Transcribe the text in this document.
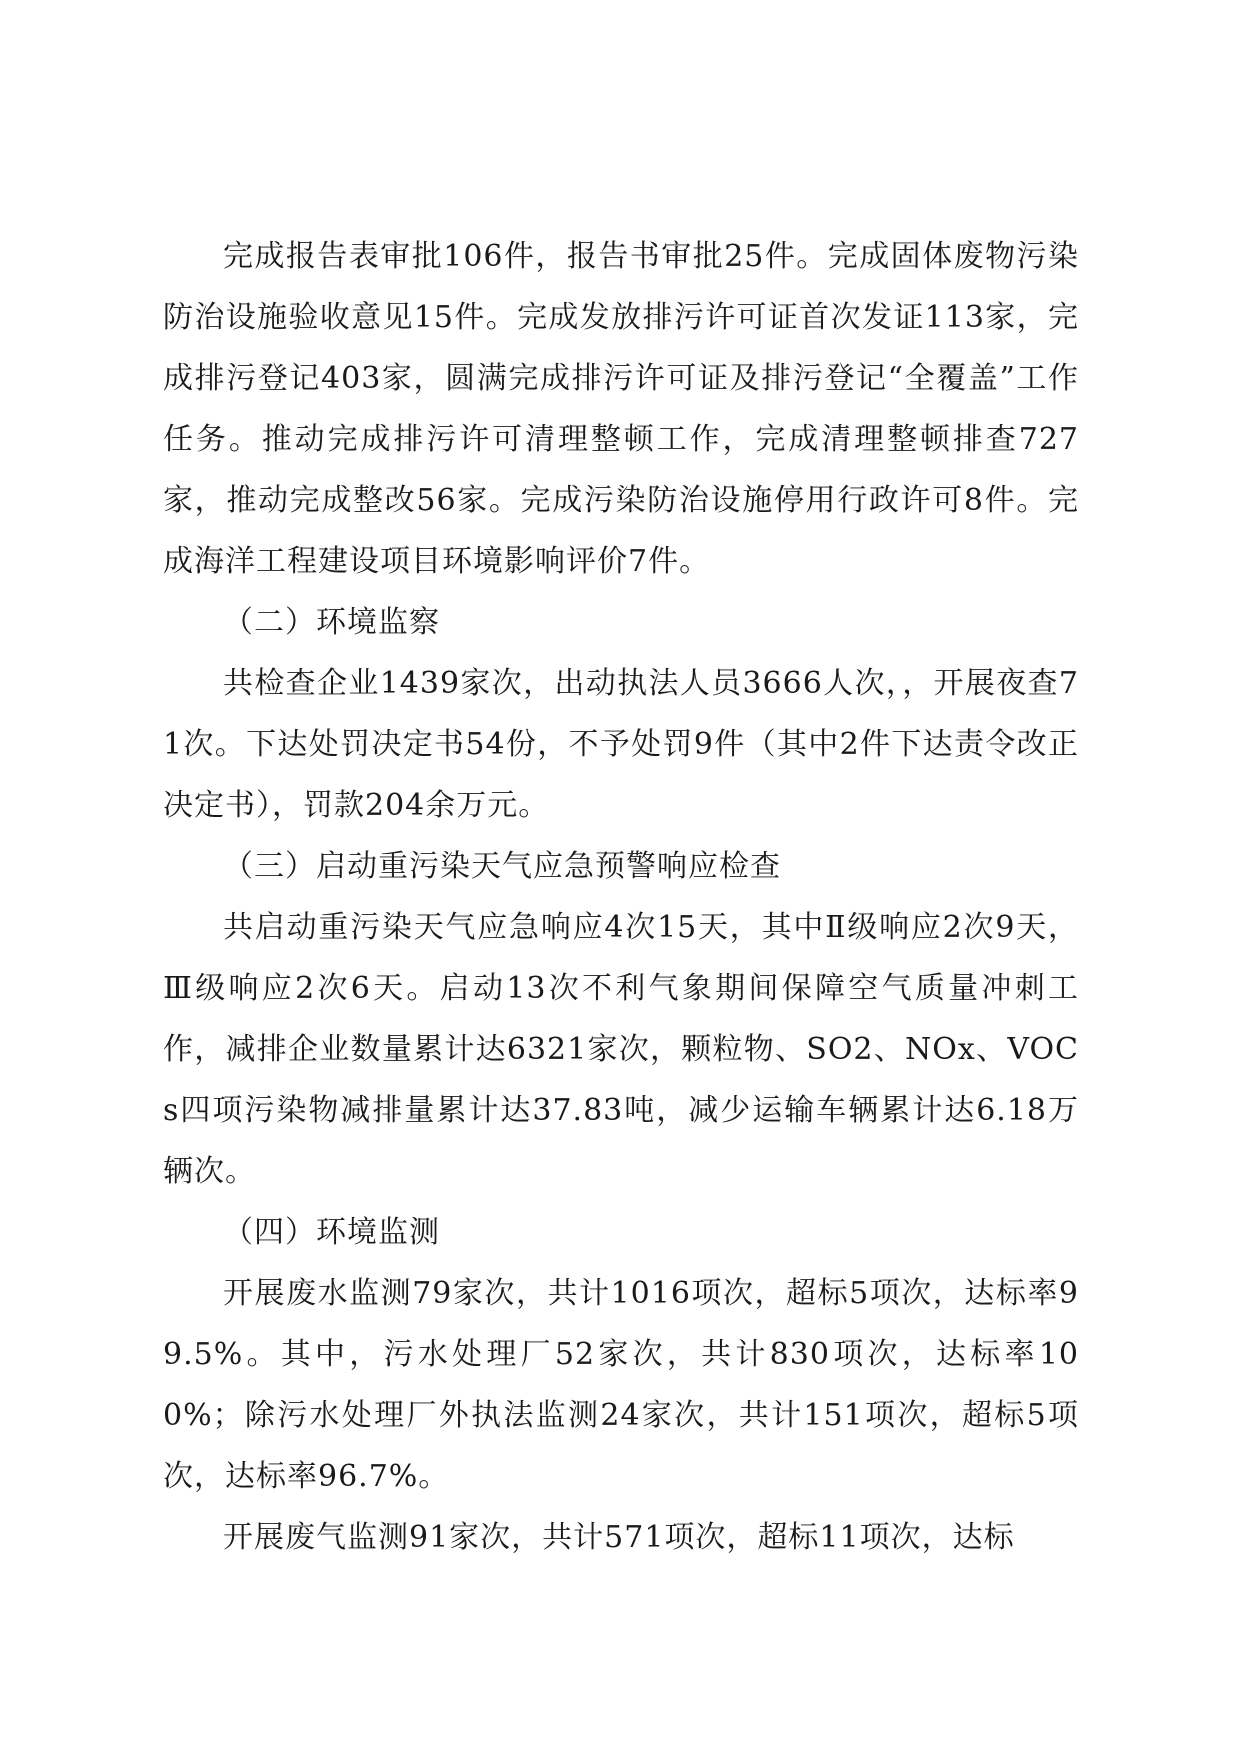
完成报告表审批106件，报告书审批25件。完成固体废物污染防治设施验收意见15件。完成发放排污许可证首次发证113家，完成排污登记403家，圆满完成排污许可证及排污登记“全覆盖”工作任务。推动完成排污许可清理整顿工作，完成清理整顿排查727家，推动完成整改56家。完成污染防治设施停用行政许可8件。完成海洋工程建设项目环境影响评价7件。

（二）环境监察

共检查企业1439家次，出动执法人员3666人次，，开展夜查71次。下达处罚决定书54份，不予处罚9件（其中2件下达责令改正决定书），罚款204余万元。

（三）启动重污染天气应急预警响应检查

共启动重污染天气应急响应4次15天，其中Ⅱ级响应2次9天，Ⅲ级响应2次6天。启动13次不利气象期间保障空气质量冲刺工作，减排企业数量累计达6321家次，颗粒物、SO2、NOx、VOCs四项污染物减排量累计达37.83吨，减少运输车辆累计达6.18万辆次。

（四）环境监测

开展废水监测79家次，共计1016项次，超标5项次，达标率99.5%。其中，污水处理厂52家次，共计830项次，达标率100%；除污水处理厂外执法监测24家次，共计151项次，超标5项次，达标率96.7%。

开展废气监测91家次，共计571项次，超标11项次，达标
